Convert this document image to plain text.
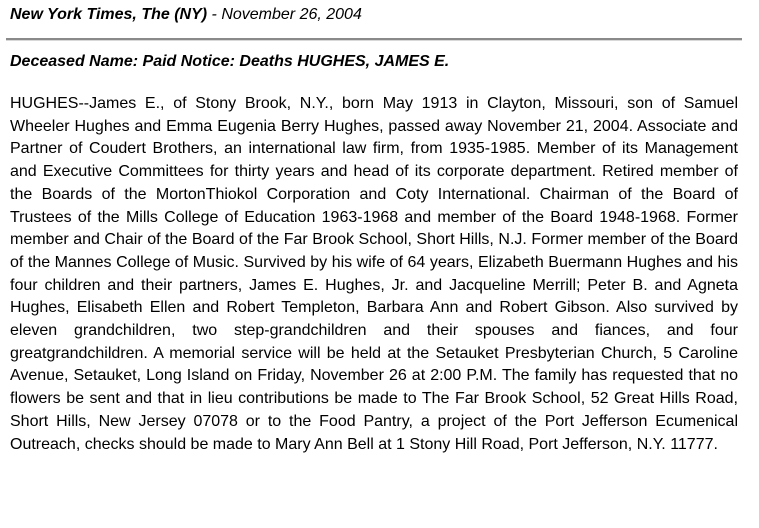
New York Times, The (NY) - November 26, 2004
Deceased Name: Paid Notice: Deaths HUGHES, JAMES E.

HUGHES--James E., of Stony Brook, N.Y., born May 1913 in Clayton, Missouri, son of Samuel Wheeler Hughes and Emma Eugenia Berry Hughes, passed away November 21, 2004. Associate and Partner of Coudert Brothers, an international law firm, from 1935-1985. Member of its Management and Executive Committees for thirty years and head of its corporate department. Retired member of the Boards of the MortonThiokol Corporation and Coty International. Chairman of the Board of Trustees of the Mills College of Education 1963-1968 and member of the Board 1948-1968. Former member and Chair of the Board of the Far Brook School, Short Hills, N.J. Former member of the Board of the Mannes College of Music. Survived by his wife of 64 years, Elizabeth Buermann Hughes and his four children and their partners, James E. Hughes, Jr. and Jacqueline Merrill; Peter B. and Agneta Hughes, Elisabeth Ellen and Robert Templeton, Barbara Ann and Robert Gibson. Also survived by eleven grandchildren, two step-grandchildren and their spouses and fiances, and four greatgrandchildren. A memorial service will be held at the Setauket Presbyterian Church, 5 Caroline Avenue, Setauket, Long Island on Friday, November 26 at 2:00 P.M. The family has requested that no flowers be sent and that in lieu contributions be made to The Far Brook School, 52 Great Hills Road, Short Hills, New Jersey 07078 or to the Food Pantry, a project of the Port Jefferson Ecumenical Outreach, checks should be made to Mary Ann Bell at 1 Stony Hill Road, Port Jefferson, N.Y. 11777.
